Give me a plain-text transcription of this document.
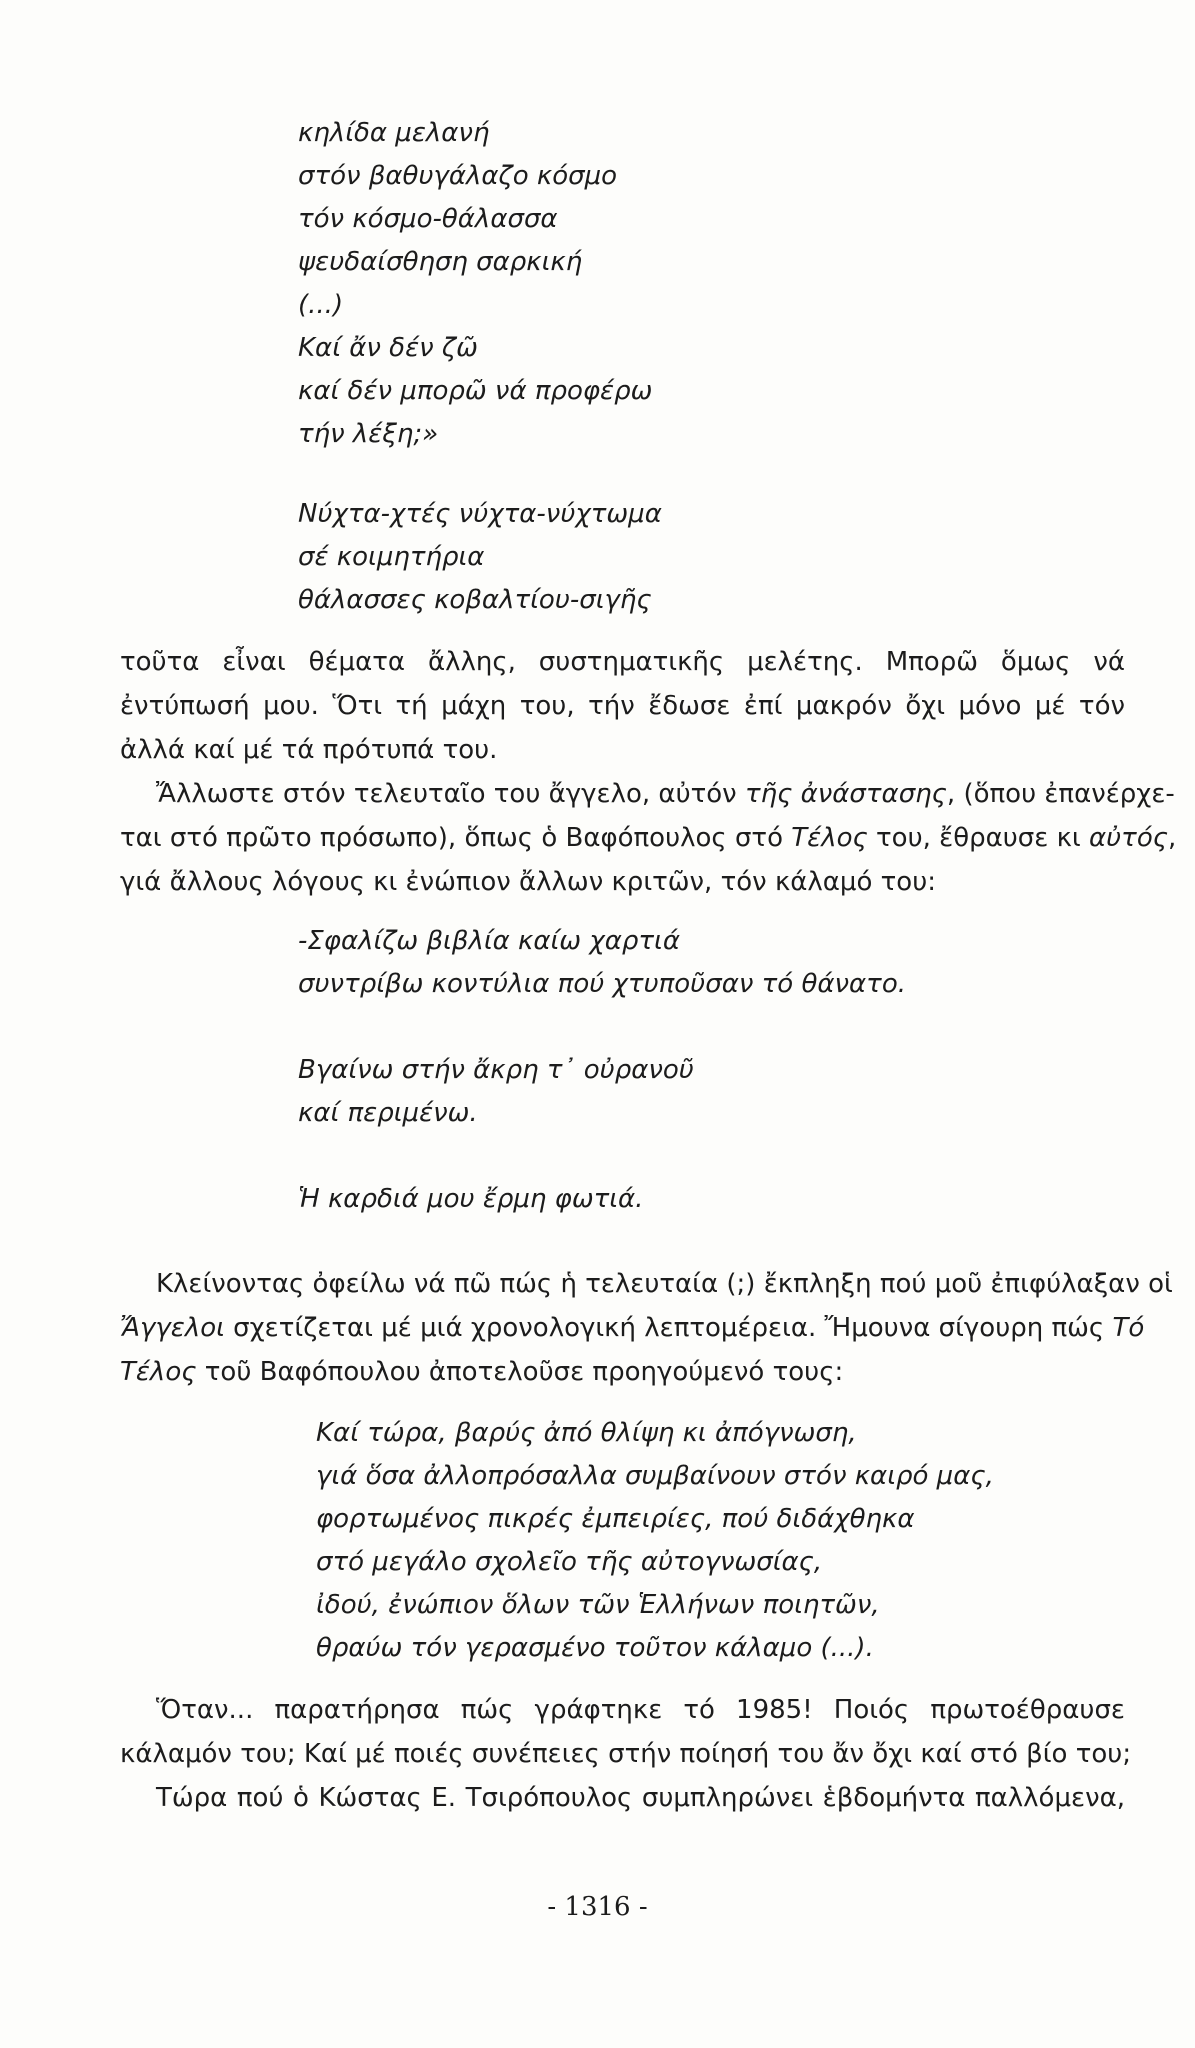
κηλίδα μελανή
στόν βαθυγάλαζο κόσμο
τόν κόσμο-θάλασσα
ψευδαίσθηση σαρκική
(...)
Καί ἄν δέν ζῶ
καί δέν μπορῶ νά προφέρω
τήν λέξη;»
Νύχτα-χτές νύχτα-νύχτωμα
σέ κοιμητήρια
θάλασσες κοβαλτίου-σιγῆς
τοῦτα εἶναι θέματα ἄλλης, συστηματικῆς μελέτης. Μπορῶ ὅμως νά
ἐντύπωσή μου. Ὅτι τή μάχη του, τήν ἔδωσε ἐπί μακρόν ὄχι μόνο μέ τόν
ἀλλά καί μέ τά πρότυπά του.
Ἄλλωστε στόν τελευταῖο του ἄγγελο, αὐτόν τῆς ἀνάστασης, (ὅπου ἐπανέρχε-
ται στό πρῶτο πρόσωπο), ὅπως ὁ Βαφόπουλος στό Τέλος του, ἔθραυσε κι αὐτός,
γιά ἄλλους λόγους κι ἐνώπιον ἄλλων κριτῶν, τόν κάλαμό του:
-Σφαλίζω βιβλία καίω χαρτιά
συντρίβω κοντύλια πού χτυποῦσαν τό θάνατο.
Βγαίνω στήν ἄκρη τ᾽ οὐρανοῦ
καί περιμένω.
Ἡ καρδιά μου ἔρμη φωτιά.
Κλείνοντας ὀφείλω νά πῶ πώς ἡ τελευταία (;) ἔκπληξη πού μοῦ ἐπιφύλαξαν οἱ
Ἄγγελοι σχετίζεται μέ μιά χρονολογική λεπτομέρεια. Ἤμουνα σίγουρη πώς Τό
Τέλος τοῦ Βαφόπουλου ἀποτελοῦσε προηγούμενό τους:
Καί τώρα, βαρύς ἀπό θλίψη κι ἀπόγνωση,
γιά ὅσα ἀλλοπρόσαλλα συμβαίνουν στόν καιρό μας,
φορτωμένος πικρές ἐμπειρίες, πού διδάχθηκα
στό μεγάλο σχολεῖο τῆς αὐτογνωσίας,
ἰδού, ἐνώπιον ὅλων τῶν Ἑλλήνων ποιητῶν,
θραύω τόν γερασμένο τοῦτον κάλαμο (...).
Ὅταν... παρατήρησα πώς γράφτηκε τό 1985! Ποιός πρωτοέθραυσε
κάλαμόν του; Καί μέ ποιές συνέπειες στήν ποίησή του ἄν ὄχι καί στό βίο του;
Τώρα πού ὁ Κώστας Ε. Τσιρόπουλος συμπληρώνει ἑβδομήντα παλλόμενα,
- 1316 -
